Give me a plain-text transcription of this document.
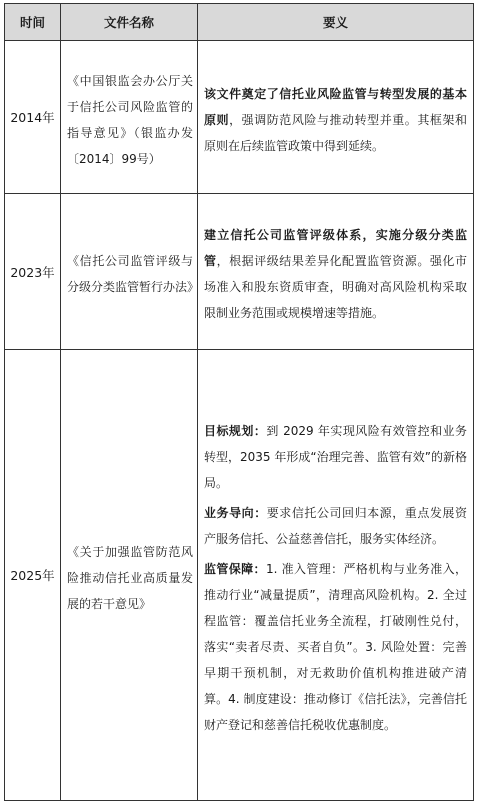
时间	文件名称	要义
2014年	《中国银监会办公厅关于信托公司风险监管的指导意见》（银监办发〔2014〕99号）	该文件奠定了信托业风险监管与转型发展的基本原则，强调防范风险与推动转型并重。其框架和原则在后续监管政策中得到延续。

2023年	《信托公司监管评级与分级分类监管暂行办法》	建立信托公司监管评级体系，实施分级分类监管，根据评级结果差异化配置监管资源。强化市场准入和股东资质审查，明确对高风险机构采取限制业务范围或规模增速等措施。

2025年	《关于加强监管防范风险推动信托业高质量发展的若干意见》	目标规划：到 2029 年实现风险有效管控和业务转型，2035 年形成“治理完善、监管有效”的新格局。

业务导向：要求信托公司回归本源，重点发展资产服务信托、公益慈善信托，服务实体经济。

监管保障：1. 准入管理：严格机构与业务准入，推动行业“减量提质”，清理高风险机构。2. 全过程监管：覆盖信托业务全流程，打破刚性兑付，落实“卖者尽责、买者自负”。3. 风险处置：完善早期干预机制，对无救助价值机构推进破产清算。4. 制度建设：推动修订《信托法》，完善信托财产登记和慈善信托税收优惠制度。
